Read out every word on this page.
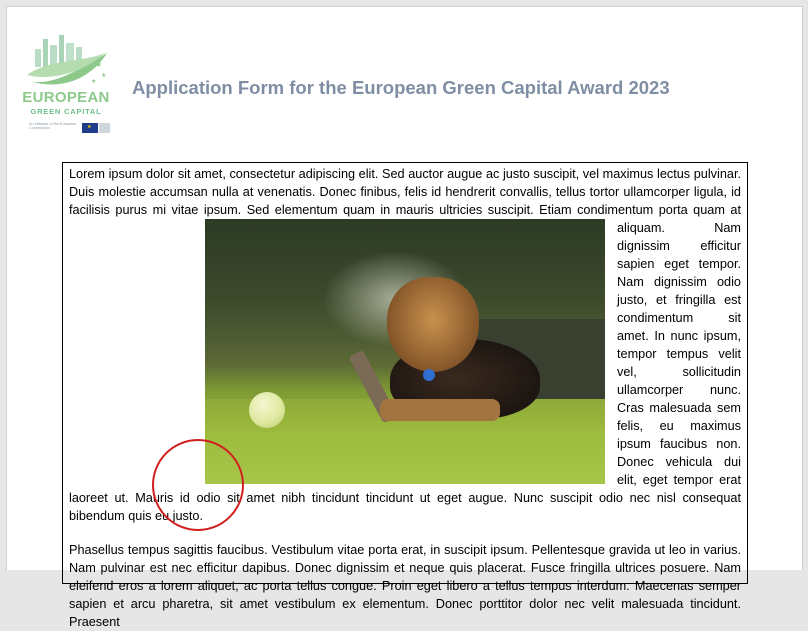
★
★
★
EUROPEAN
GREEN CAPITAL
An initiative of the European Commission	★
Application Form for the European Green Capital Award 2023

Lorem ipsum dolor sit amet, consectetur adipiscing elit. Sed auctor augue ac justo suscipit, vel maximus lectus pulvinar. Duis molestie accumsan nulla at venenatis. Donec finibus, felis id hendrerit convallis, tellus tortor ullamcorper ligula, id facilisis purus mi vitae ipsum. Sed elementum quam in mauris ultricies suscipit. Etiam
condimentum porta quam at aliquam. Nam dignissim efficitur sapien eget tempor. Nam dignissim odio justo, et fringilla est condimentum sit amet. In nunc ipsum, tempor tempus velit vel, sollicitudin ullamcorper nunc. Cras malesuada sem felis, eu maximus ipsum faucibus non. Donec vehicula dui elit, eget tempor erat laoreet ut. Mauris id odio sit amet nibh tincidunt tincidunt ut eget augue. Nunc suscipit odio nec nisl consequat bibendum quis eu justo.

Phasellus tempus sagittis faucibus. Vestibulum vitae porta erat, in suscipit ipsum. Pellentesque gravida ut leo in varius. Nam pulvinar est nec efficitur dapibus. Donec dignissim et neque quis placerat. Fusce fringilla ultrices posuere. Nam eleifend eros a lorem aliquet, ac porta tellus congue. Proin eget libero a tellus tempus interdum. Maecenas semper sapien et arcu pharetra, sit amet vestibulum ex elementum. Donec porttitor dolor nec velit malesuada tincidunt. Praesent
